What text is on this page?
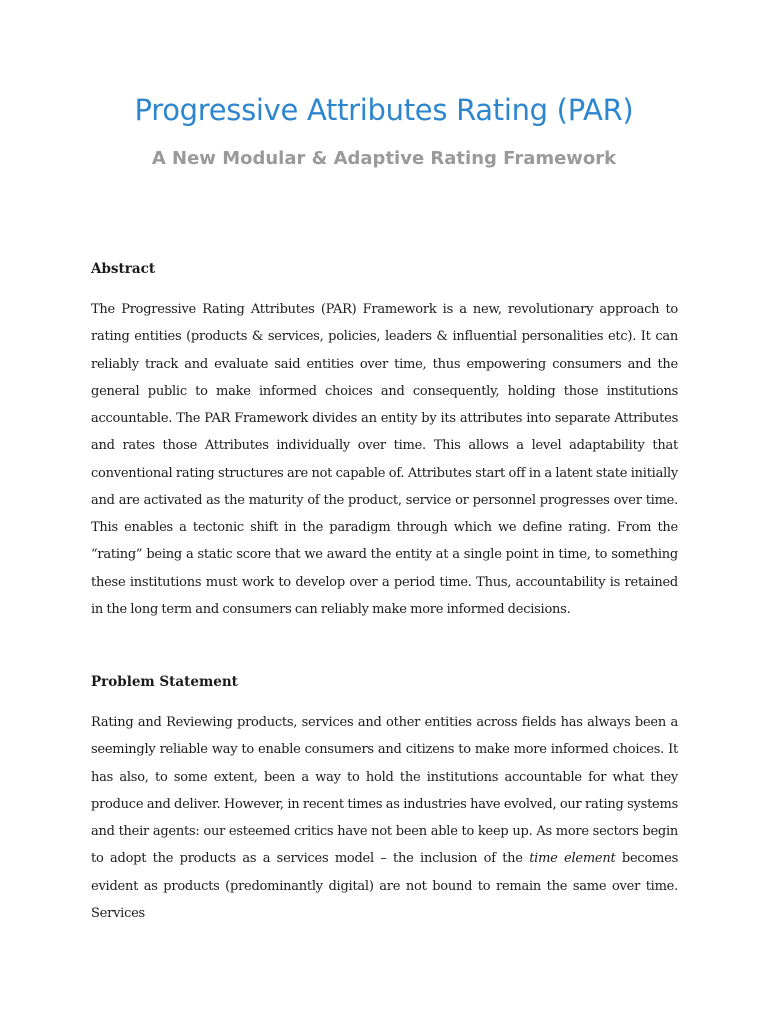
Progressive Attributes Rating (PAR)
A New Modular & Adaptive Rating Framework
Abstract

The Progressive Rating Attributes (PAR) Framework is a new, revolutionary approach to rating entities (products & services, policies, leaders & influential personalities etc). It can reliably track and evaluate said entities over time, thus empowering consumers and the general public to make informed choices and consequently, holding those institutions accountable. The PAR Framework divides an entity by its attributes into separate Attributes and rates those Attributes individually over time. This allows a level adaptability that conventional rating structures are not capable of. Attributes start off in a latent state initially and are activated as the maturity of the product, service or personnel progresses over time. This enables a tectonic shift in the paradigm through which we define rating. From the “rating” being a static score that we award the entity at a single point in time, to something these institutions must work to develop over a period time. Thus, accountability is retained in the long term and consumers can reliably make more informed decisions.

Problem Statement

Rating and Reviewing products, services and other entities across fields has always been a seemingly reliable way to enable consumers and citizens to make more informed choices. It has also, to some extent, been a way to hold the institutions accountable for what they produce and deliver. However, in recent times as industries have evolved, our rating systems and their agents: our esteemed critics have not been able to keep up. As more sectors begin to adopt the products as a services model – the inclusion of the time element becomes evident as products (predominantly digital) are not bound to remain the same over time. Services
